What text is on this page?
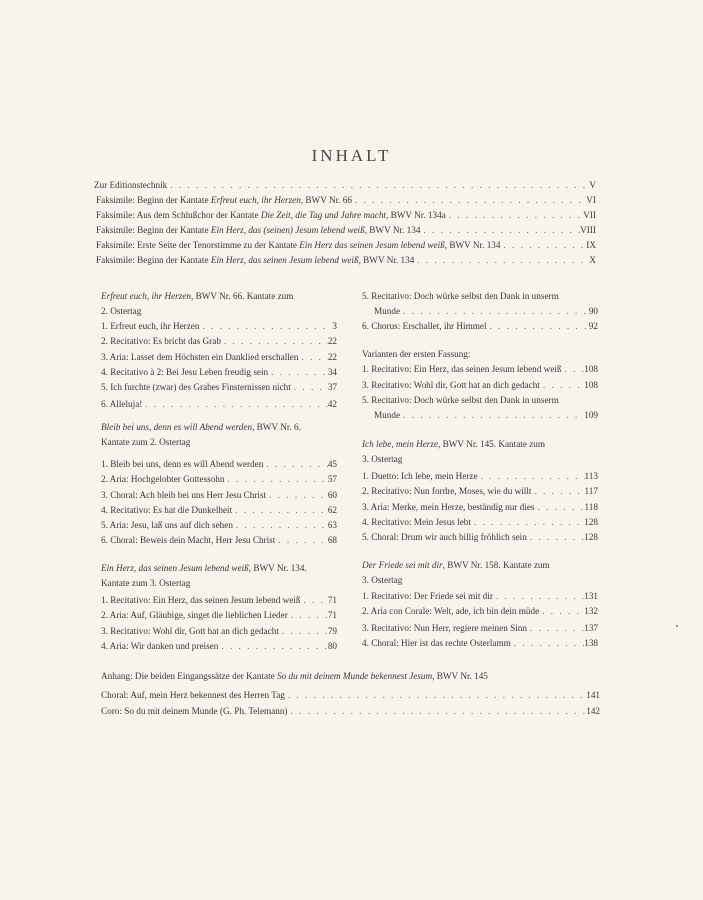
INHALT
Zur Editionstechnik . . .	V
Faksimile: Beginn der Kantate Erfreut euch, ihr Herzen, BWV Nr. 66 . . .	VI
Faksimile: Aus dem Schlußchor der Kantate Die Zeit, die Tag und Jahre macht, BWV Nr. 134a . . .	VII
Faksimile: Beginn der Kantate Ein Herz, das (seinen) Jesum lebend weiß, BWV Nr. 134 . . .	VIII
Faksimile: Erste Seite der Tenorstimme zu der Kantate Ein Herz das seinen Jesum lebend weiß, BWV Nr. 134 . . .	IX
Faksimile: Beginn der Kantate Ein Herz, das seinen Jesum lebend weiß, BWV Nr. 134 . . .	X
Erfreut euch, ihr Herzen, BWV Nr. 66. Kantate zum
2. Ostertag
1. Erfreut euch, ihr Herzen . . .	3
2. Recitativo: Es bricht das Grab . . .	22
3. Aria: Lasset dem Höchsten ein Danklied erschallen . . .	22
4. Recitativo à 2: Bei Jesu Leben freudig sein . . .	34
5. Ich furchte (zwar) des Grabes Finsternissen nicht . . .	37
6. Alleluja! . . .	42
Bleib bei uns, denn es will Abend werden, BWV Nr. 6.
Kantate zum 2. Ostertag
1. Bleib bei uns, denn es will Abend werden . . .	45
2. Aria: Hochgelobter Gottessohn . . .	57
3. Choral: Ach bleib bei uns Herr Jesu Christ . . .	60
4. Recitativo: Es hat die Dunkelheit . . .	62
5. Aria: Jesu, laß uns auf dich sehen . . .	63
6. Choral: Beweis dein Macht, Herr Jesu Christ . . .	68
Ein Herz, das seinen Jesum lebend weiß, BWV Nr. 134.
Kantate zum 3. Ostertag
1. Recitativo: Ein Herz, das seinen Jesum lebend weiß . . .	71
2. Aria: Auf, Gläubige, singet die lieblichen Lieder . . .	71
3. Recitativo: Wohl dir, Gott hat an dich gedacht . . .	79
4. Aria: Wir danken und preisen . . .	80
5. Recitativo: Doch würke selbst den Dank in unserm
Munde . . .	90
6. Chorus: Erschallet, ihr Himmel . . .	92
Varianten der ersten Fassung:
1. Recitativo: Ein Herz, das seinen Jesum lebend weiß . . . 108
3. Recitativo: Wohl dir, Gott hat an dich gedacht . . .	108
5. Recitativo: Doch würke selbst den Dank in unserm
Munde . . .	109
Ich lebe, mein Herze, BWV Nr. 145. Kantate zum
3. Ostertag
1. Duetto: Ich lebe, mein Herze . . .	113
2. Recitativo: Nun fordre, Moses, wie du willt . . .	117
3. Aria: Merke, mein Herze, beständig nur dies . . .	118
4. Recitativo: Mein Jesus lebt . . .	128
5. Choral: Drum wir auch billig fröhlich sein . . .	128
Der Friede sei mit dir, BWV Nr. 158. Kantate zum
3. Ostertag
1. Recitativo: Der Friede sei mit dir . . .	131
2. Aria con Corale: Welt, ade, ich bin dein müde . . .	132
3. Recitativo: Nun Herr, regiere meinen Sinn . . .	137
4. Choral: Hier ist das rechte Osterlamm . . .	138
Anhang: Die beiden Eingangssätze der Kantate So du mit deinem Munde bekennest Jesum, BWV Nr. 145
Choral: Auf, mein Herz bekennest des Herren Tag . . .	141
Coro: So du mit deinem Munde (G. Ph. Telemann) . . .	142
